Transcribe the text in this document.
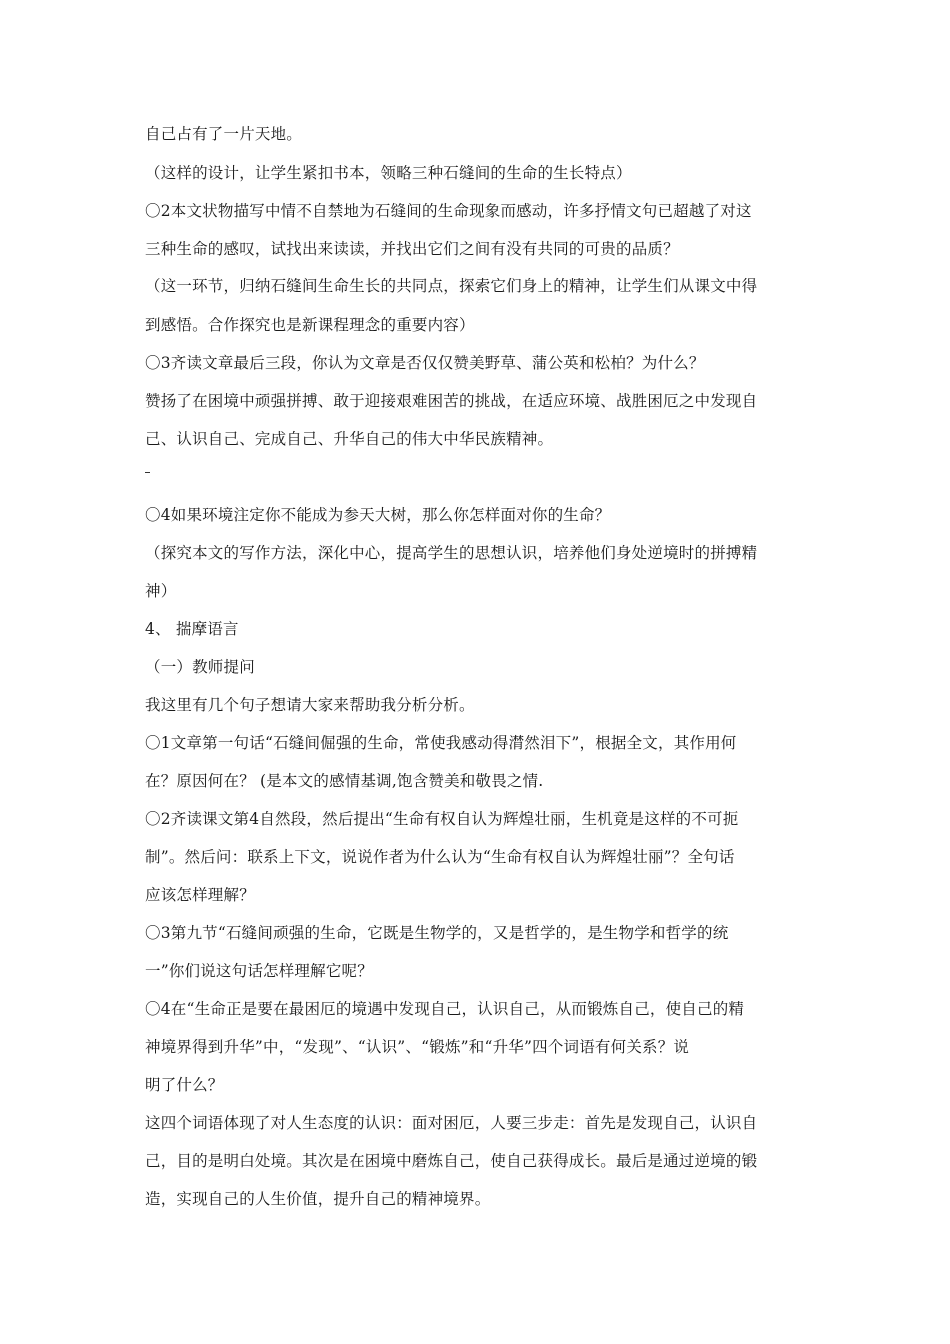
自己占有了一片天地。
（这样的设计，让学生紧扣书本，领略三种石缝间的生命的生长特点）
〇2本文状物描写中情不自禁地为石缝间的生命现象而感动，许多抒情文句已超越了对这
三种生命的感叹，试找出来读读，并找出它们之间有没有共同的可贵的品质？
（这一环节，归纳石缝间生命生长的共同点，探索它们身上的精神，让学生们从课文中得
到感悟。合作探究也是新课程理念的重要内容）
〇3齐读文章最后三段，你认为文章是否仅仅赞美野草、蒲公英和松柏？为什么？
赞扬了在困境中顽强拼搏、敢于迎接艰难困苦的挑战，在适应环境、战胜困厄之中发现自
己、认识自己、完成自己、升华自己的伟大中华民族精神。
〇4如果环境注定你不能成为参天大树，那么你怎样面对你的生命？
（探究本文的写作方法，深化中心，提高学生的思想认识，培养他们身处逆境时的拼搏精
神）
4、 揣摩语言
（一）教师提问
我这里有几个句子想请大家来帮助我分析分析。
〇1文章第一句话“石缝间倔强的生命，常使我感动得潸然泪下”，根据全文，其作用何
在？原因何在？ (是本文的感情基调,饱含赞美和敬畏之情.
〇2齐读课文第4自然段，然后提出“生命有权自认为辉煌壮丽，生机竟是这样的不可扼
制”。然后问：联系上下文，说说作者为什么认为“生命有权自认为辉煌壮丽”？全句话
应该怎样理解？
〇3第九节“石缝间顽强的生命，它既是生物学的，又是哲学的，是生物学和哲学的统
一”你们说这句话怎样理解它呢？
〇4在“生命正是要在最困厄的境遇中发现自己，认识自己，从而锻炼自己，使自己的精
神境界得到升华”中，“发现”、“认识”、“锻炼”和“升华”四个词语有何关系？说
明了什么？
这四个词语体现了对人生态度的认识：面对困厄，人要三步走：首先是发现自己，认识自
己，目的是明白处境。其次是在困境中磨炼自己，使自己获得成长。最后是通过逆境的锻
造，实现自己的人生价值，提升自己的精神境界。
